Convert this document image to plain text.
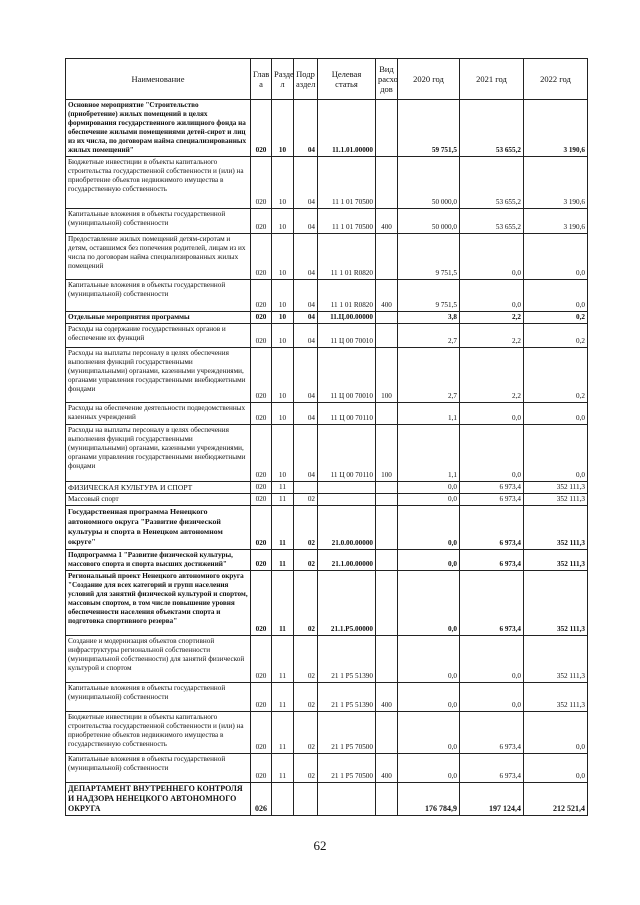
Наименование	Глав а	Разде л	Подр аздел	Целевая статья	Вид расхо дов	2020 год	2021 год	2022 год
Основное мероприятие "Строительство (приобретение) жилых помещений в целях формирования государственного жилищного фонда на обеспечение жилыми помещениями детей-сирот и лиц из их числа, по договорам найма специализированных жилых помещений"	020	10	04	11.1.01.00000		59 751,5	53 655,2	3 190,6
Бюджетные инвестиции в объекты капитального строительства государственной собственности и (или) на приобретение объектов недвижимого имущества в государственную собственность	020	10	04	11 1 01 70500		50 000,0	53 655,2	3 190,6
Капитальные вложения в объекты государственной (муниципальной) собственности	020	10	04	11 1 01 70500	400	50 000,0	53 655,2	3 190,6
Предоставление жилых помещений детям-сиротам и детям, оставшимся без попечения родителей, лицам из их числа по договорам найма специализированных жилых помещений	020	10	04	11 1 01 R0820		9 751,5	0,0	0,0
Капитальные вложения в объекты государственной (муниципальной) собственности	020	10	04	11 1 01 R0820	400	9 751,5	0,0	0,0
Отдельные мероприятия программы	020	10	04	11.Ц.00.00000		3,8	2,2	0,2
Расходы на содержание государственных органов и обеспечение их функций	020	10	04	11 Ц 00 70010		2,7	2,2	0,2
Расходы на выплаты персоналу в целях обеспечения выполнения функций государственными (муниципальными) органами, казенными учреждениями, органами управления государственными внебюджетными фондами	020	10	04	11 Ц 00 70010	100	2,7	2,2	0,2
Расходы на обеспечение деятельности подведомственных казенных учреждений	020	10	04	11 Ц 00 70110		1,1	0,0	0,0
Расходы на выплаты персоналу в целях обеспечения выполнения функций государственными (муниципальными) органами, казенными учреждениями, органами управления государственными внебюджетными фондами	020	10	04	11 Ц 00 70110	100	1,1	0,0	0,0
ФИЗИЧЕСКАЯ КУЛЬТУРА И СПОРТ	020	11				0,0	6 973,4	352 111,3
Массовый спорт	020	11	02			0,0	6 973,4	352 111,3
Государственная программа Ненецкого автономного округа "Развитие физической культуры и спорта в Ненецком автономном округе"	020	11	02	21.0.00.00000		0,0	6 973,4	352 111,3
Подпрограмма 1 "Развитие физической культуры, массового спорта и спорта высших достижений"	020	11	02	21.1.00.00000		0,0	6 973,4	352 111,3
Региональный проект Ненецкого автономного округа "Создание для всех категорий и групп населения условий для занятий физической культурой и спортом, массовым спортом, в том числе повышение уровня обеспеченности населения объектами спорта и подготовка спортивного резерва"	020	11	02	21.1.P5.00000		0,0	6 973,4	352 111,3
Создание и модернизация объектов спортивной инфраструктуры региональной собственности (муниципальной собственности) для занятий физической культурой и спортом	020	11	02	21 1 P5 51390		0,0	0,0	352 111,3
Капитальные вложения в объекты государственной (муниципальной) собственности	020	11	02	21 1 P5 51390	400	0,0	0,0	352 111,3
Бюджетные инвестиции в объекты капитального строительства государственной собственности и (или) на приобретение объектов недвижимого имущества в государственную собственность	020	11	02	21 1 P5 70500		0,0	6 973,4	0,0
Капитальные вложения в объекты государственной (муниципальной) собственности	020	11	02	21 1 P5 70500	400	0,0	6 973,4	0,0
ДЕПАРТАМЕНТ ВНУТРЕННЕГО КОНТРОЛЯ И НАДЗОРА НЕНЕЦКОГО АВТОНОМНОГО ОКРУГА	026					176 784,9	197 124,4	212 521,4
62
